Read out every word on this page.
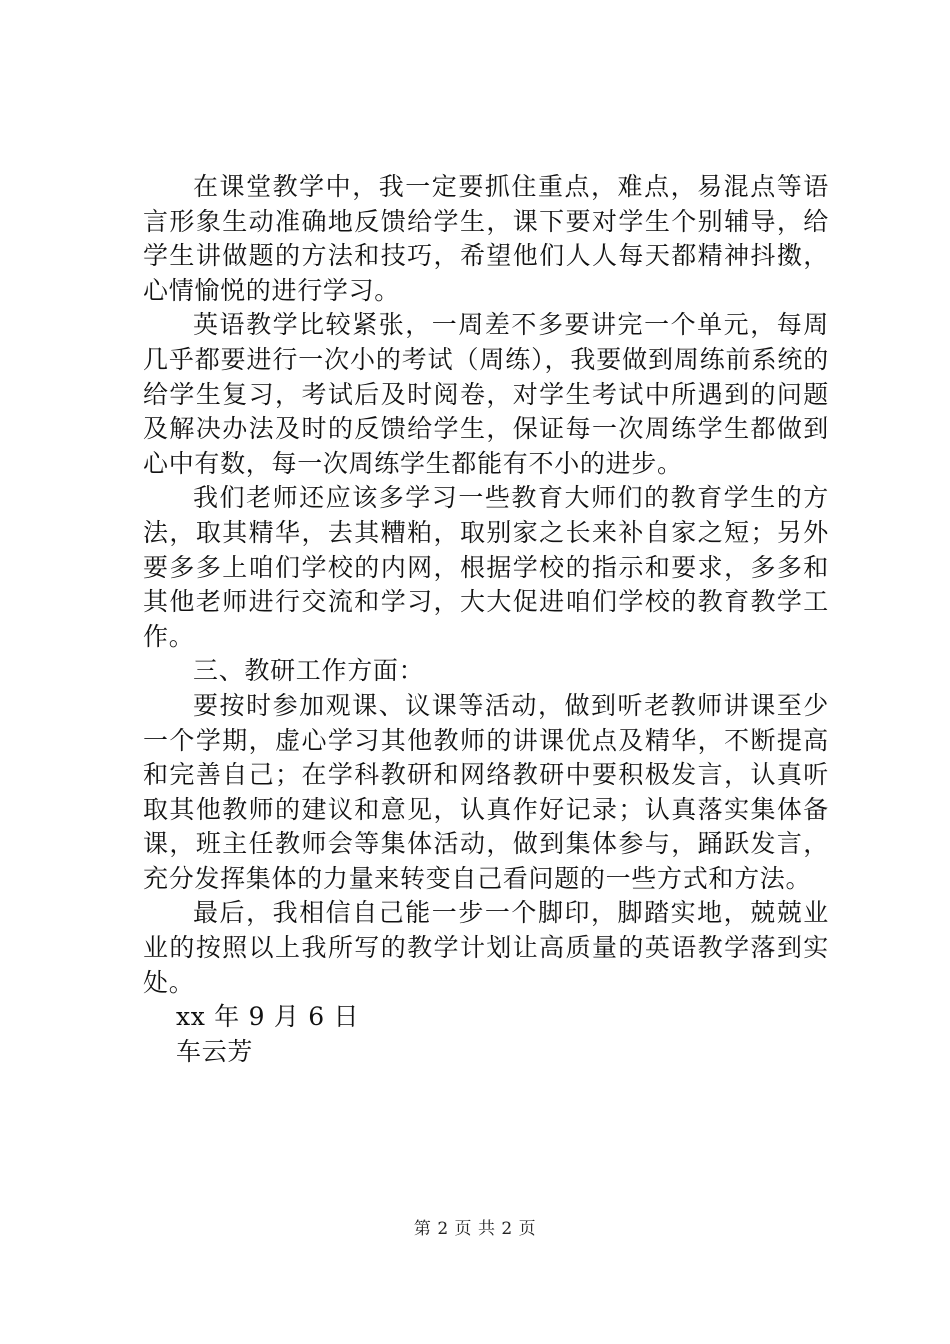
在课堂教学中，我一定要抓住重点，难点，易混点等语言形象生动准确地反馈给学生，课下要对学生个别辅导，给学生讲做题的方法和技巧，希望他们人人每天都精神抖擞，心情愉悦的进行学习。

英语教学比较紧张，一周差不多要讲完一个单元，每周几乎都要进行一次小的考试（周练），我要做到周练前系统的给学生复习，考试后及时阅卷，对学生考试中所遇到的问题及解决办法及时的反馈给学生，保证每一次周练学生都做到心中有数，每一次周练学生都能有不小的进步。

我们老师还应该多学习一些教育大师们的教育学生的方法，取其精华，去其糟粕，取别家之长来补自家之短；另外要多多上咱们学校的内网，根据学校的指示和要求，多多和其他老师进行交流和学习，大大促进咱们学校的教育教学工作。

三、教研工作方面：

要按时参加观课、议课等活动，做到听老教师讲课至少一个学期，虚心学习其他教师的讲课优点及精华，不断提高和完善自己；在学科教研和网络教研中要积极发言，认真听取其他教师的建议和意见，认真作好记录；认真落实集体备课，班主任教师会等集体活动，做到集体参与，踊跃发言，充分发挥集体的力量来转变自己看问题的一些方式和方法。

最后，我相信自己能一步一个脚印，脚踏实地，兢兢业业的按照以上我所写的教学计划让高质量的英语教学落到实处。

xx 年 9 月 6 日

车云芳

第 2 页 共 2 页
